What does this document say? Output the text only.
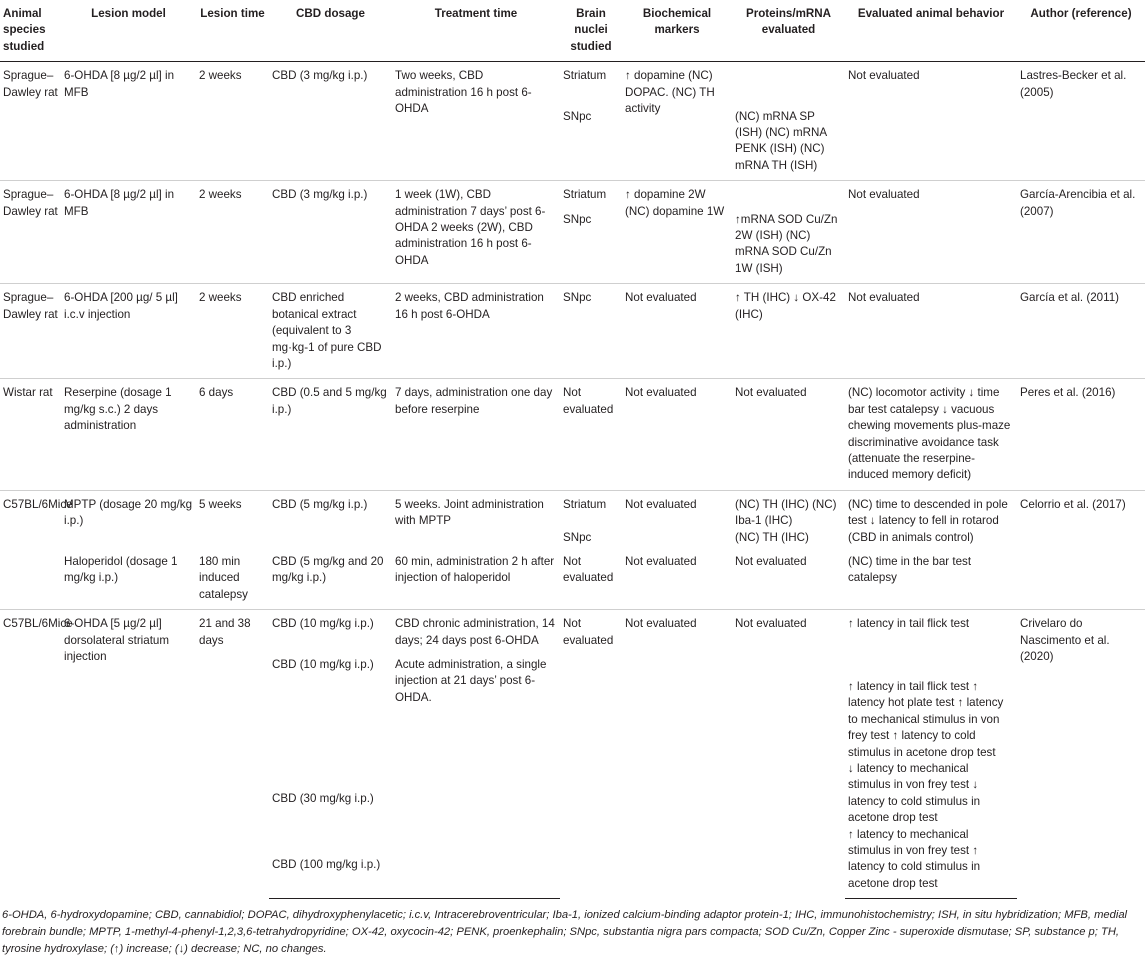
Animal species studied	Lesion model	Lesion time	CBD dosage	Treatment time	Brain nuclei studied	Biochemical markers	Proteins/mRNA evaluated	Evaluated animal behavior	Author (reference)
Sprague–Dawley rat	6-OHDA [8 µg/2 µl] in MFB	2 weeks	CBD (3 mg/kg i.p.)	Two weeks, CBD administration 16 h post 6-OHDA	Striatum	↑ dopamine (NC) DOPAC. (NC) TH activity		Not evaluated	Lastres-Becker et al. (2005)
					SNpc		(NC) mRNA SP (ISH) (NC) mRNA PENK (ISH) (NC) mRNA TH (ISH)		
Sprague–Dawley rat	6-OHDA [8 µg/2 µl] in MFB	2 weeks	CBD (3 mg/kg i.p.)	1 week (1W), CBD administration 7 days’ post 6-OHDA 2 weeks (2W), CBD administration 16 h post 6-OHDA	Striatum	↑ dopamine 2W (NC) dopamine 1W		Not evaluated	García-Arencibia et al. (2007)
					SNpc		↑mRNA SOD Cu/Zn 2W (ISH) (NC) mRNA SOD Cu/Zn 1W (ISH)		
Sprague–Dawley rat	6-OHDA [200 µg/ 5 µl] i.c.v injection	2 weeks	CBD enriched botanical extract (equivalent to 3 mg·kg-1 of pure CBD i.p.)	2 weeks, CBD administration 16 h post 6-OHDA	SNpc	Not evaluated	↑ TH (IHC) ↓ OX-42 (IHC)	Not evaluated	García et al. (2011)
Wistar rat	Reserpine (dosage 1 mg/kg s.c.) 2 days administration	6 days	CBD (0.5 and 5 mg/kg i.p.)	7 days, administration one day before reserpine	Not evaluated	Not evaluated	Not evaluated	(NC) locomotor activity ↓ time bar test catalepsy ↓ vacuous chewing movements plus-maze discriminative avoidance task (attenuate the reserpine-induced memory deficit)	Peres et al. (2016)
C57BL/6Mice	MPTP (dosage 20 mg/kg i.p.)	5 weeks	CBD (5 mg/kg i.p.)	5 weeks. Joint administration with MPTP	Striatum	Not evaluated	(NC) TH (IHC) (NC) Iba-1 (IHC)	(NC) time to descended in pole test ↓ latency to fell in rotarod (CBD in animals control)	Celorrio et al. (2017)
					SNpc		(NC) TH (IHC)		
	Haloperidol (dosage 1 mg/kg i.p.)	180 min induced catalepsy	CBD (5 mg/kg and 20 mg/kg i.p.)	60 min, administration 2 h after injection of haloperidol	Not evaluated	Not evaluated	Not evaluated	(NC) time in the bar test catalepsy	
C57BL/6Mice	6-OHDA [5 µg/2 µl] dorsolateral striatum injection	21 and 38 days	CBD (10 mg/kg i.p.)	CBD chronic administration, 14 days; 24 days post 6-OHDA	Not evaluated	Not evaluated	Not evaluated	↑ latency in tail flick test	Crivelaro do Nascimento et al. (2020)
			CBD (10 mg/kg i.p.)	Acute administration, a single injection at 21 days’ post 6-OHDA.				↑ latency in tail flick test ↑ latency hot plate test ↑ latency to mechanical stimulus in von frey test ↑ latency to cold stimulus in acetone drop test	
			CBD (30 mg/kg i.p.)					↓ latency to mechanical stimulus in von frey test ↓ latency to cold stimulus in acetone drop test	
			CBD (100 mg/kg i.p.)					↑ latency to mechanical stimulus in von frey test ↑ latency to cold stimulus in acetone drop test	
6-OHDA, 6-hydroxydopamine; CBD, cannabidiol; DOPAC, dihydroxyphenylacetic; i.c.v, Intracerebroventricular; Iba-1, ionized calcium-binding adaptor protein-1; IHC, immunohistochemistry; ISH, in situ hybridization; MFB, medial forebrain bundle; MPTP, 1-methyl-4-phenyl-1,2,3,6-tetrahydropyridine; OX-42, oxycocin-42; PENK, proenkephalin; SNpc, substantia nigra pars compacta; SOD Cu/Zn, Copper Zinc - superoxide dismutase; SP, substance p; TH, tyrosine hydroxylase; (↑) increase; (↓) decrease; NC, no changes.
